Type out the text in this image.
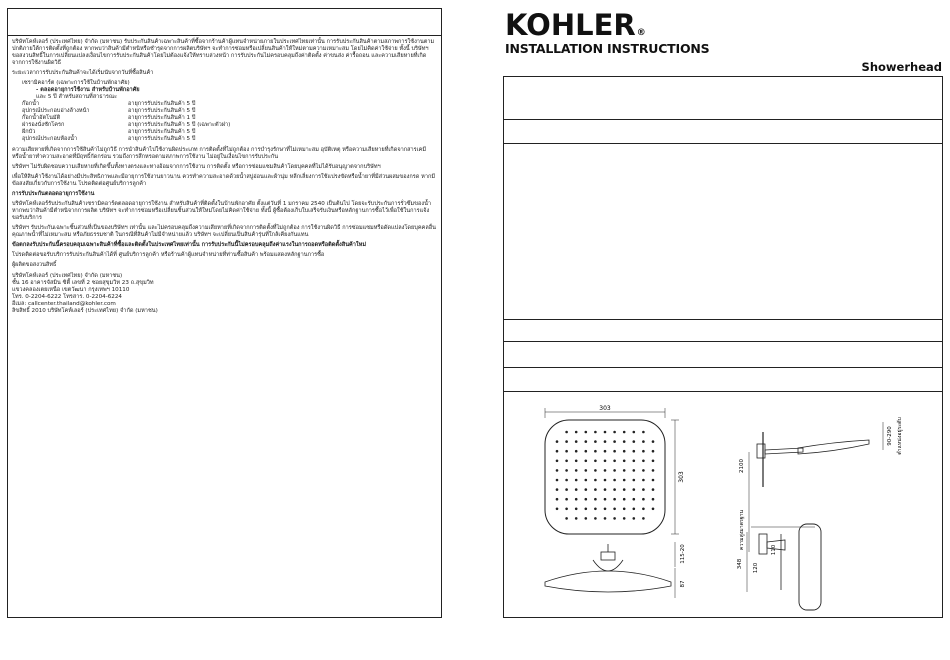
บริษัทโคห์เลอร์ (ประเทศไทย) จำกัด (มหาชน) รับประกันสินค้าเฉพาะสินค้าที่ซื้อจากร้านค้าผู้แทนจำหน่ายภายในประเทศไทยเท่านั้น การรับประกันสินค้าตามสภาพการใช้งานตามปกติภายใต้การติดตั้งที่ถูกต้อง หากพบว่าสินค้ามีตำหนิหรือชำรุดจากการผลิตบริษัทฯ จะทำการซ่อมหรือเปลี่ยนสินค้าให้ใหม่ตามความเหมาะสม โดยไม่คิดค่าใช้จ่าย ทั้งนี้ บริษัทฯ ขอสงวนสิทธิ์ในการเปลี่ยนแปลงเงื่อนไขการรับประกันสินค้าโดยไม่ต้องแจ้งให้ทราบล่วงหน้า การรับประกันไม่ครอบคลุมถึงค่าติดตั้ง ค่าขนส่ง ค่ารื้อถอน และความเสียหายที่เกิดจากการใช้งานผิดวิธี

ระยะเวลาการรับประกันสินค้าจะได้เริ่มนับจากวันที่ซื้อสินค้า

เซรามิคอาร์ต (เฉพาะการใช้ในบ้านพักอาศัย)
- ตลอดอายุการใช้งาน สำหรับบ้านพักอาศัย
และ 5 ปี สำหรับสถานที่สาธารณะ
ก๊อกน้ำ	อายุการรับประกันสินค้า 5 ปี
อุปกรณ์ประกอบอ่างล้างหน้า	อายุการรับประกันสินค้า 5 ปี
ก๊อกน้ำอัตโนมัติ	อายุการรับประกันสินค้า 1 ปี
ฝารองนั่งชักโครก	อายุการรับประกันสินค้า 5 ปี (เฉพาะตัวฝา)
ฝักบัว	อายุการรับประกันสินค้า 5 ปี
อุปกรณ์ประกอบห้องน้ำ	อายุการรับประกันสินค้า 5 ปี

ความเสียหายที่เกิดจากการใช้สินค้าไม่ถูกวิธี การนำสินค้าไปใช้งานผิดประเภท การติดตั้งที่ไม่ถูกต้อง การบำรุงรักษาที่ไม่เหมาะสม อุบัติเหตุ หรือความเสียหายที่เกิดจากสารเคมีหรือน้ำยาทำความสะอาดที่มีฤทธิ์กัดกร่อน รวมถึงการสึกหรอตามสภาพการใช้งาน ไม่อยู่ในเงื่อนไขการรับประกัน

บริษัทฯ ไม่รับผิดชอบความเสียหายที่เกิดขึ้นทั้งทางตรงและทางอ้อมจากการใช้งาน การติดตั้ง หรือการซ่อมแซมสินค้าโดยบุคคลที่ไม่ได้รับอนุญาตจากบริษัทฯ

เพื่อให้สินค้าใช้งานได้อย่างมีประสิทธิภาพและมีอายุการใช้งานยาวนาน ควรทำความสะอาดด้วยน้ำสบู่อ่อนและผ้านุ่ม หลีกเลี่ยงการใช้แปรงขัดหรือน้ำยาที่มีส่วนผสมของกรด หากมีข้อสงสัยเกี่ยวกับการใช้งาน โปรดติดต่อศูนย์บริการลูกค้า

การรับประกันตลอดอายุการใช้งาน

บริษัทโคห์เลอร์รับประกันสินค้าเซรามิคอาร์ตตลอดอายุการใช้งาน สำหรับสินค้าที่ติดตั้งในบ้านพักอาศัย ตั้งแต่วันที่ 1 มกราคม 2540 เป็นต้นไป โดยจะรับประกันการรั่วซึมของน้ำ หากพบว่าสินค้ามีตำหนิจากการผลิต บริษัทฯ จะทำการซ่อมหรือเปลี่ยนชิ้นส่วนให้ใหม่โดยไม่คิดค่าใช้จ่าย ทั้งนี้ ผู้ซื้อต้องเก็บใบเสร็จรับเงินหรือหลักฐานการซื้อไว้เพื่อใช้ในการแจ้งขอรับบริการ

บริษัทฯ รับประกันเฉพาะชิ้นส่วนที่เป็นของบริษัทฯ เท่านั้น และไม่ครอบคลุมถึงความเสียหายที่เกิดจากการติดตั้งที่ไม่ถูกต้อง การใช้งานผิดวิธี การซ่อมแซมหรือดัดแปลงโดยบุคคลอื่น คุณภาพน้ำที่ไม่เหมาะสม หรือภัยธรรมชาติ ในกรณีที่สินค้าไม่มีจำหน่ายแล้ว บริษัทฯ จะเปลี่ยนเป็นสินค้ารุ่นที่ใกล้เคียงกันแทน

ข้อตกลงรับประกันนี้ครอบคลุมเฉพาะสินค้าที่ซื้อและติดตั้งในประเทศไทยเท่านั้น การรับประกันนี้ไม่ครอบคลุมถึงค่าแรงในการถอดหรือติดตั้งสินค้าใหม่

โปรดติดต่อขอรับบริการรับประกันสินค้าได้ที่ ศูนย์บริการลูกค้า หรือร้านค้าผู้แทนจำหน่ายที่ท่านซื้อสินค้า พร้อมแสดงหลักฐานการซื้อ

ผู้ผลิตขอสงวนสิทธิ์

บริษัทโคห์เลอร์ (ประเทศไทย) จำกัด (มหาชน)
ชั้น 16 อาคารจัสมิน ซิตี้ เลขที่ 2 ซอยสุขุมวิท 23 ถ.สุขุมวิท
แขวงคลองเตยเหนือ เขตวัฒนา กรุงเทพฯ 10110
โทร. 0-2204-6222 โทรสาร. 0-2204-6224
อีเมล: callcenter.thailand@kohler.com
ลิขสิทธิ์ 2010 บริษัทโคห์เลอร์ (ประเทศไทย) จำกัด (มหาชน)
KOHLER®
INSTALLATION INSTRUCTIONS
Showerhead
303
303
115-20
87
2100
ความสูงมาตรฐาน
90-290 ตำแหน่งอยู่ระดับ
348 120
110
